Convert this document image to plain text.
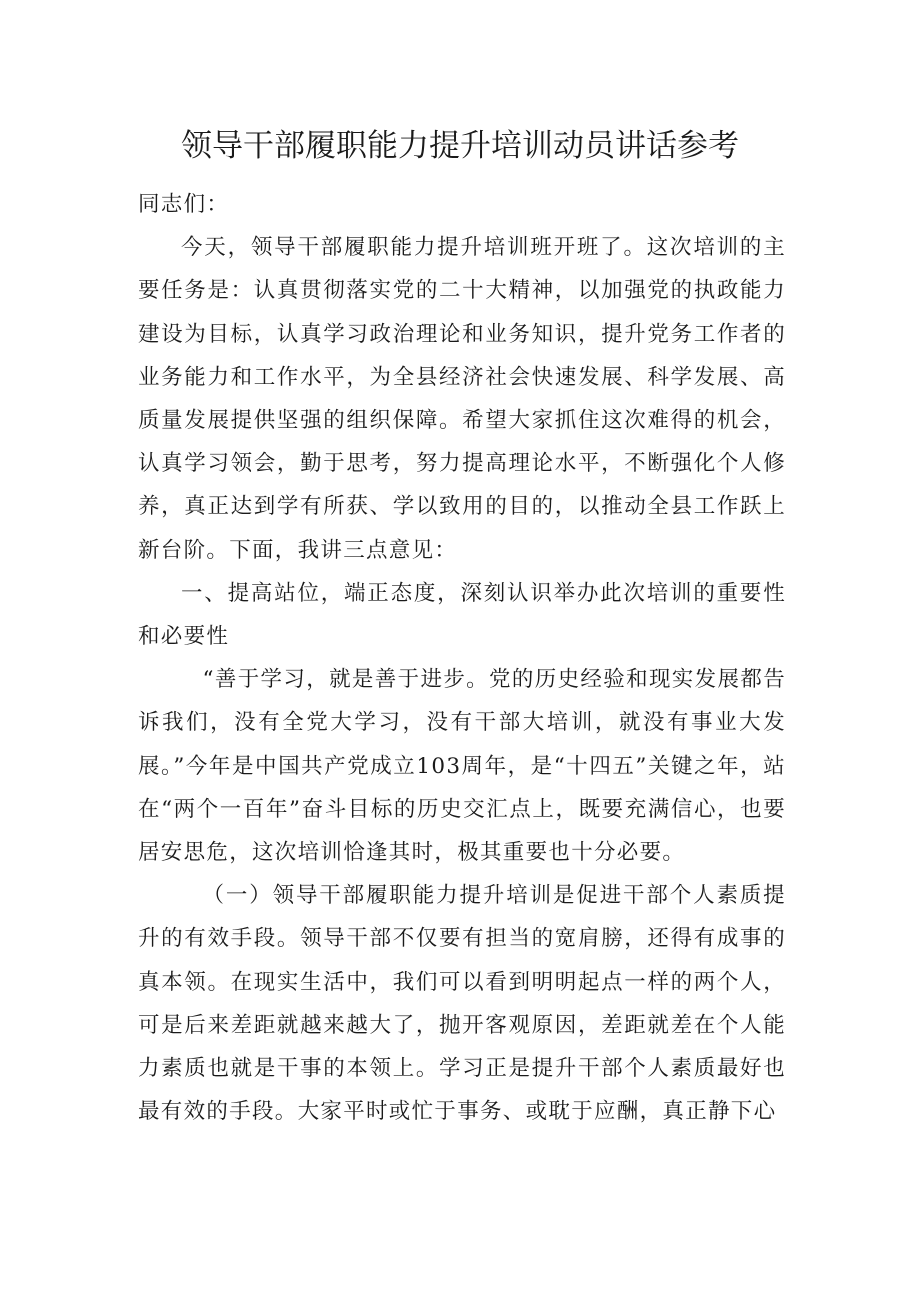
领导干部履职能力提升培训动员讲话参考

同志们：

今天，领导干部履职能力提升培训班开班了。这次培训的主要任务是：认真贯彻落实党的二十大精神，以加强党的执政能力建设为目标，认真学习政治理论和业务知识，提升党务工作者的业务能力和工作水平，为全县经济社会快速发展、科学发展、高质量发展提供坚强的组织保障。希望大家抓住这次难得的机会，认真学习领会，勤于思考，努力提高理论水平，不断强化个人修养，真正达到学有所获、学以致用的目的，以推动全县工作跃上新台阶。下面，我讲三点意见：

一、提高站位，端正态度，深刻认识举办此次培训的重要性和必要性

“善于学习，就是善于进步。党的历史经验和现实发展都告诉我们，没有全党大学习，没有干部大培训，就没有事业大发展。”今年是中国共产党成立103周年，是“十四五”关键之年，站在“两个一百年”奋斗目标的历史交汇点上，既要充满信心，也要居安思危，这次培训恰逢其时，极其重要也十分必要。

（一）领导干部履职能力提升培训是促进干部个人素质提升的有效手段。领导干部不仅要有担当的宽肩膀，还得有成事的真本领。在现实生活中，我们可以看到明明起点一样的两个人，可是后来差距就越来越大了，抛开客观原因，差距就差在个人能力素质也就是干事的本领上。学习正是提升干部个人素质最好也最有效的手段。大家平时或忙于事务、或耽于应酬，真正静下心
